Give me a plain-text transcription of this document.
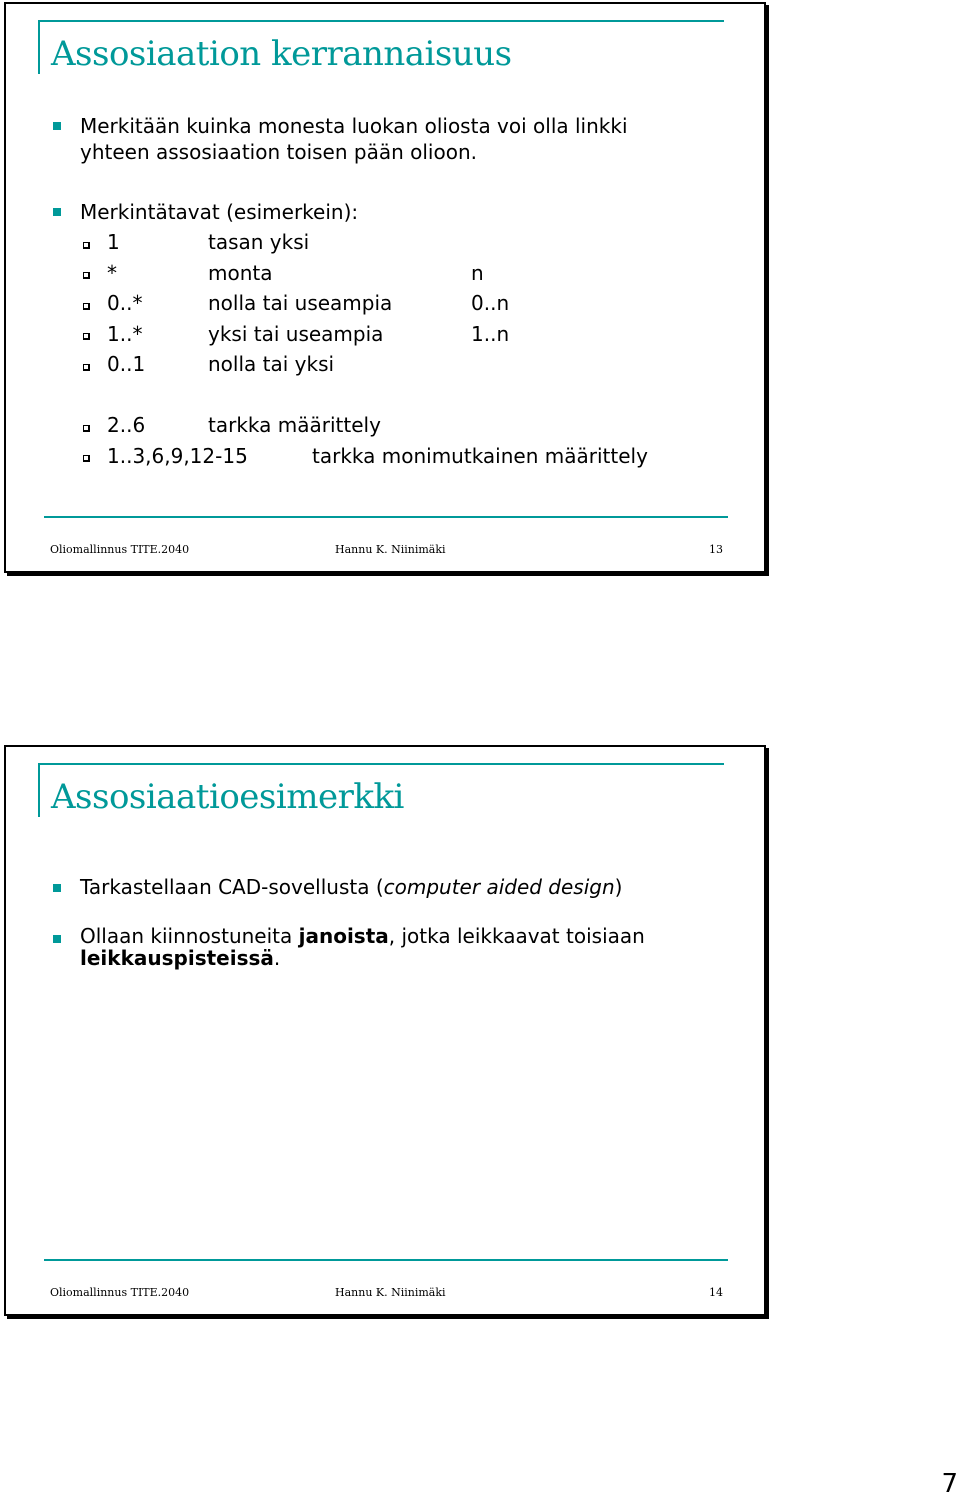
Assosiaation kerrannaisuus
Merkitään kuinka monesta luokan oliosta voi olla linkki
yhteen assosiaation toisen pään olioon.
Merkintätavat (esimerkein):
1	tasan yksi
*	monta	n
0..*	nolla tai useampia	0..n
1..*	yksi tai useampia	1..n
0..1	nolla tai yksi
2..6	tarkka määrittely
1..3,6,9,12-15	tarkka monimutkainen määrittely
Oliomallinnus TITE.2040	Hannu K. Niinimäki	13
Assosiaatioesimerkki
Tarkastellaan CAD-sovellusta (computer aided design)
Ollaan kiinnostuneita janoista, jotka leikkaavat toisiaan
leikkauspisteissä.
Oliomallinnus TITE.2040	Hannu K. Niinimäki	14
7
